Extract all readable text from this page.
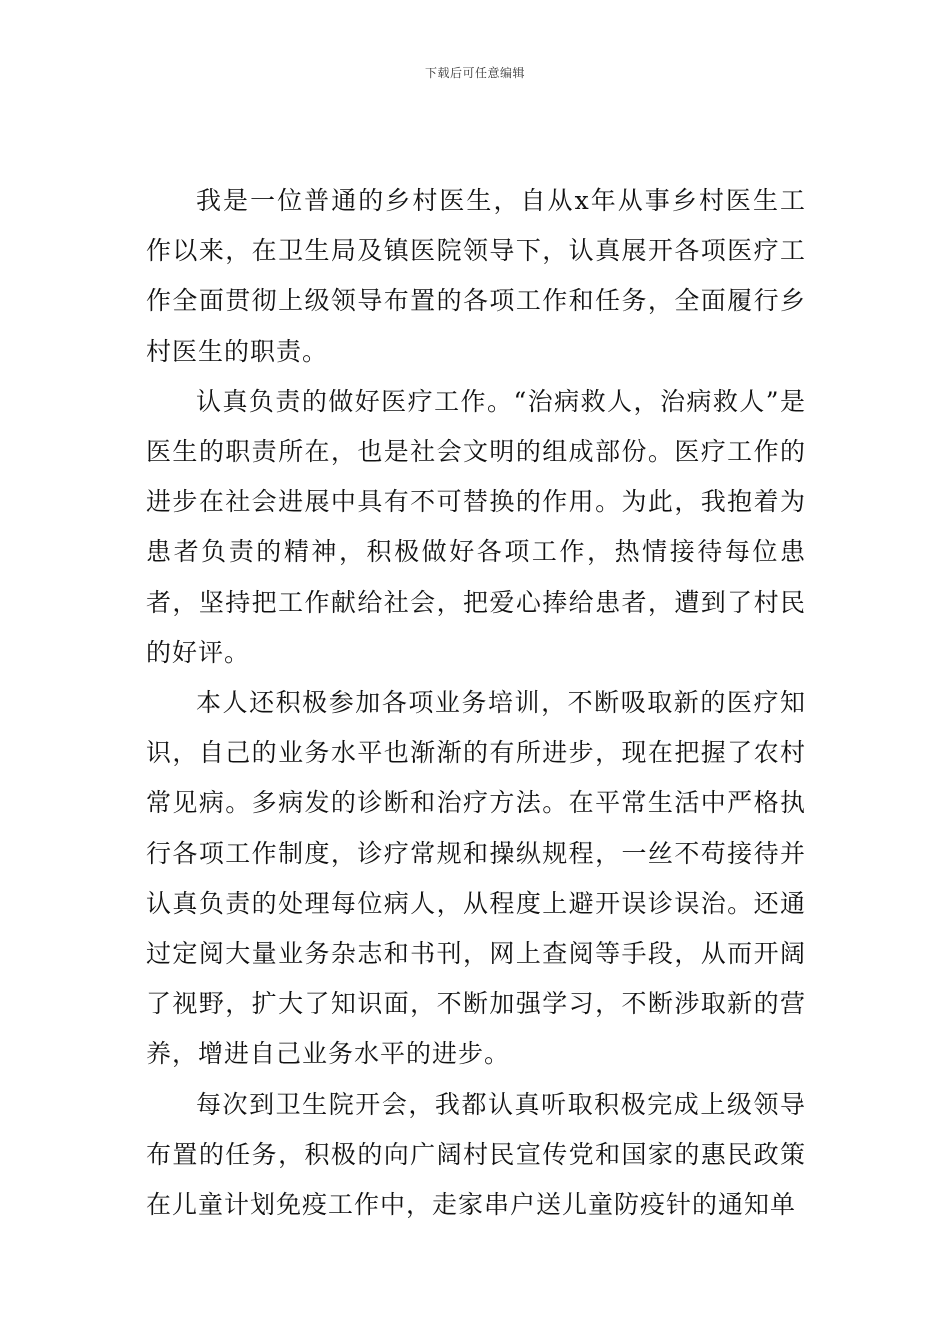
下载后可任意编辑

我是一位普通的乡村医生，自从x年从事乡村医生工作以来，在卫生局及镇医院领导下，认真展开各项医疗工作全面贯彻上级领导布置的各项工作和任务，全面履行乡村医生的职责。

认真负责的做好医疗工作。“治病救人，治病救人”是医生的职责所在，也是社会文明的组成部份。医疗工作的进步在社会进展中具有不可替换的作用。为此，我抱着为患者负责的精神，积极做好各项工作，热情接待每位患者，坚持把工作献给社会，把爱心捧给患者，遭到了村民的好评。

本人还积极参加各项业务培训，不断吸取新的医疗知识，自己的业务水平也渐渐的有所进步，现在把握了农村常见病。多病发的诊断和治疗方法。在平常生活中严格执行各项工作制度，诊疗常规和操纵规程，一丝不苟接待并认真负责的处理每位病人，从程度上避开误诊误治。还通过定阅大量业务杂志和书刊，网上查阅等手段，从而开阔了视野，扩大了知识面，不断加强学习，不断涉取新的营养，增进自己业务水平的进步。

每次到卫生院开会，我都认真听取积极完成上级领导布置的任务，积极的向广阔村民宣传党和国家的惠民政策在儿童计划免疫工作中，走家串户送儿童防疫针的通知单
